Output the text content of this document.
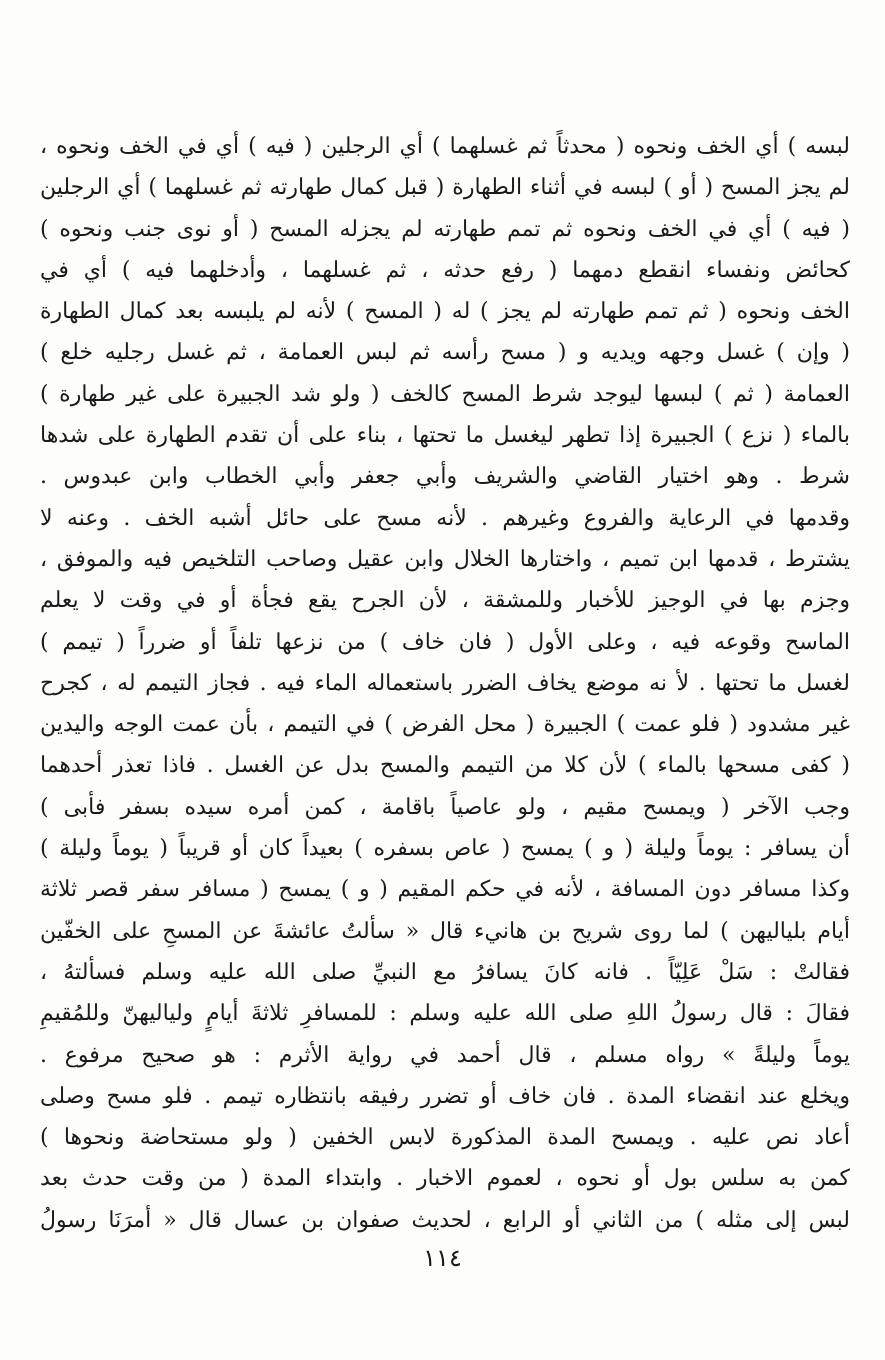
لبسه ) أي الخف ونحوه ( محدثاً ثم غسلهما ) أي الرجلين ( فيه ) أي في الخف ونحوه ،
لم يجز المسح ( أو ) لبسه في أثناء الطهارة ( قبل كمال طهارته ثم غسلهما ) أي الرجلين
( فيه ) أي في الخف ونحوه ثم تمم طهارته لم يجزله المسح ( أو نوى جنب ونحوه )
كحائض ونفساء انقطع دمهما ( رفع حدثه ، ثم غسلهما ، وأدخلهما فيه ) أي في
الخف ونحوه ( ثم تمم طهارته لم يجز ) له ( المسح ) لأنه لم يلبسه بعد كمال الطهارة
( وإن ) غسل وجهه ويديه و ( مسح رأسه ثم لبس العمامة ، ثم غسل رجليه خلع )
العمامة ( ثم ) لبسها ليوجد شرط المسح كالخف ( ولو شد الجبيرة على غير طهارة )
بالماء ( نزع ) الجبيرة إذا تطهر ليغسل ما تحتها ، بناء على أن تقدم الطهارة على شدها
شرط . وهو اختيار القاضي والشريف وأبي جعفر وأبي الخطاب وابن عبدوس .
وقدمها في الرعاية والفروع وغيرهم . لأنه مسح على حائل أشبه الخف . وعنه لا
يشترط ، قدمها ابن تميم ، واختارها الخلال وابن عقيل وصاحب التلخيص فيه والموفق ،
وجزم بها في الوجيز للأخبار وللمشقة ، لأن الجرح يقع فجأة أو في وقت لا يعلم
الماسح وقوعه فيه ، وعلى الأول ( فان خاف ) من نزعها تلفاً أو ضرراً ( تيمم )
لغسل ما تحتها . لأ نه موضع يخاف الضرر باستعماله الماء فيه . فجاز التيمم له ، كجرح
غير مشدود ( فلو عمت ) الجبيرة ( محل الفرض ) في التيمم ، بأن عمت الوجه واليدين
( كفى مسحها بالماء ) لأن كلا من التيمم والمسح بدل عن الغسل . فاذا تعذر أحدهما
وجب الآخر ( ويمسح مقيم ، ولو عاصياً باقامة ، كمن أمره سيده بسفر فأبى )
أن يسافر : يوماً وليلة ( و ) يمسح ( عاص بسفره ) بعيداً كان أو قريباً ( يوماً وليلة )
وكذا مسافر دون المسافة ، لأنه في حكم المقيم ( و ) يمسح ( مسافر سفر قصر ثلاثة
أيام بلياليهن ) لما روى شريح بن هانيء قال « سألتُ عائشةَ عن المسحِ على الخفّين
فقالتْ : سَلْ عَلِيّاً . فانه كانَ يسافرُ مع النبيِّ صلى الله عليه وسلم فسألتهُ ،
فقالَ : قال رسولُ اللهِ صلى الله عليه وسلم : للمسافرِ ثلاثةَ أيامٍ ولياليهنّ وللمُقيمِ
يوماً وليلةً » رواه مسلم ، قال أحمد في رواية الأثرم : هو صحيح مرفوع .
ويخلع عند انقضاء المدة . فان خاف أو تضرر رفيقه بانتظاره تيمم . فلو مسح وصلى
أعاد نص عليه . ويمسح المدة المذكورة لابس الخفين ( ولو مستحاضة ونحوها )
كمن به سلس بول أو نحوه ، لعموم الاخبار . وابتداء المدة ( من وقت حدث بعد
لبس إلى مثله ) من الثاني أو الرابع ، لحديث صفوان بن عسال قال « أمرَنَا رسولُ
١١٤
